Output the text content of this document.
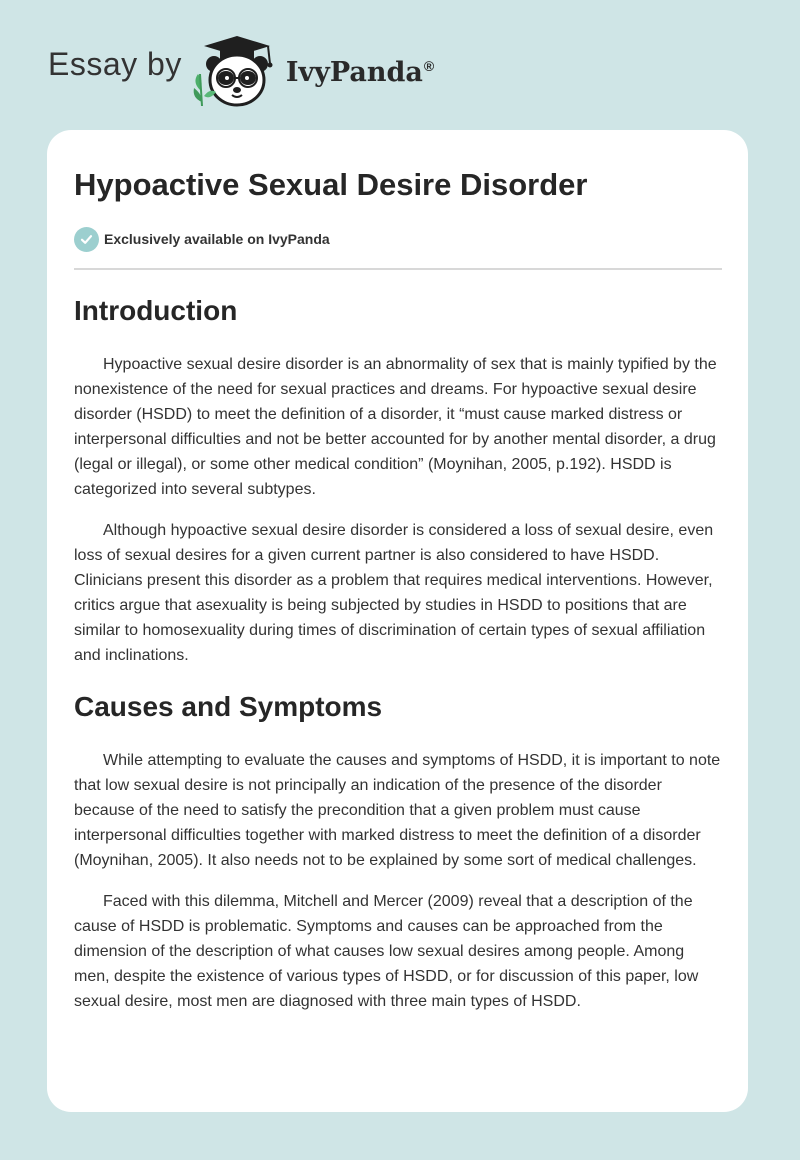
Essay by	IvyPanda®
Hypoactive Sexual Desire Disorder
Exclusively available on IvyPanda
Introduction

Hypoactive sexual desire disorder is an abnormality of sex that is mainly typified by the nonexistence of the need for sexual practices and dreams. For hypoactive sexual desire disorder (HSDD) to meet the definition of a disorder, it “must cause marked distress or interpersonal difficulties and not be better accounted for by another mental disorder, a drug (legal or illegal), or some other medical condition” (Moynihan, 2005, p.192). HSDD is categorized into several subtypes.

Although hypoactive sexual desire disorder is considered a loss of sexual desire, even loss of sexual desires for a given current partner is also considered to have HSDD. Clinicians present this disorder as a problem that requires medical interventions. However, critics argue that asexuality is being subjected by studies in HSDD to positions that are similar to homosexuality during times of discrimination of certain types of sexual affiliation and inclinations.

Causes and Symptoms

While attempting to evaluate the causes and symptoms of HSDD, it is important to note that low sexual desire is not principally an indication of the presence of the disorder because of the need to satisfy the precondition that a given problem must cause interpersonal difficulties together with marked distress to meet the definition of a disorder (Moynihan, 2005). It also needs not to be explained by some sort of medical challenges.

Faced with this dilemma, Mitchell and Mercer (2009) reveal that a description of the cause of HSDD is problematic. Symptoms and causes can be approached from the dimension of the description of what causes low sexual desires among people. Among men, despite the existence of various types of HSDD, or for discussion of this paper, low sexual desire, most men are diagnosed with three main types of HSDD.
